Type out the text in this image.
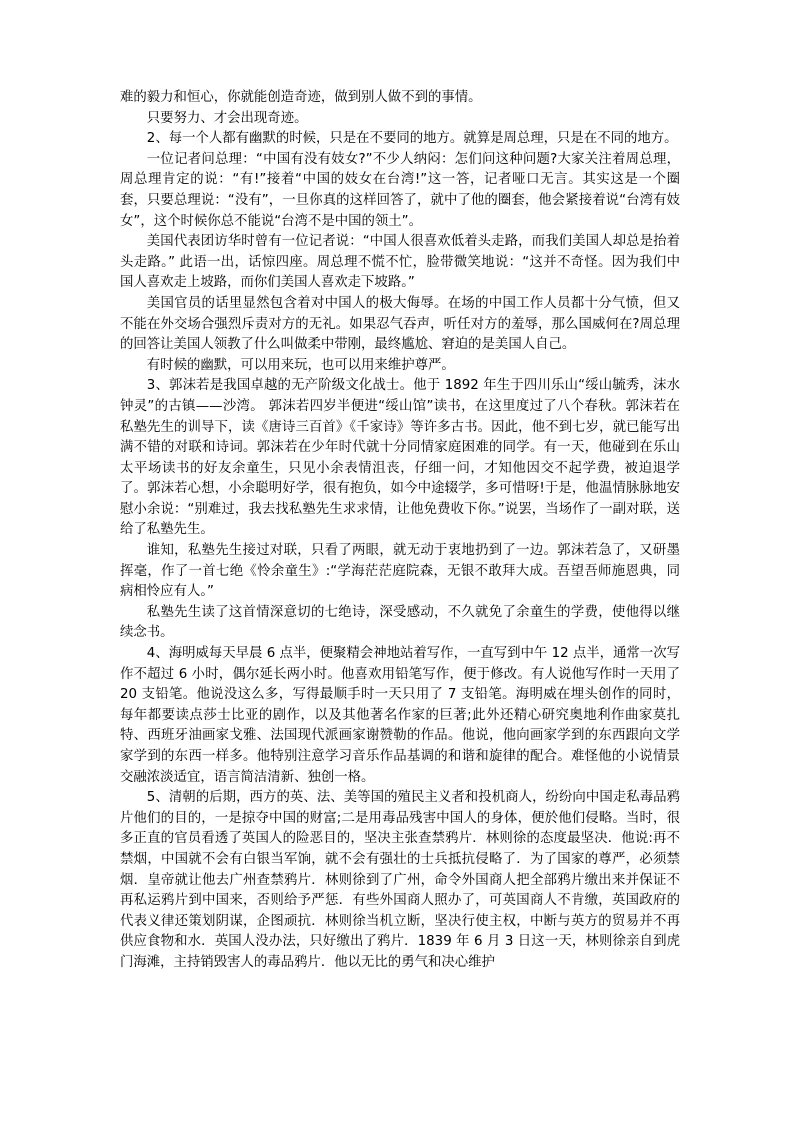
难的毅力和恒心，你就能创造奇迹，做到别人做不到的事情。

只要努力、才会出现奇迹。

2、每一个人都有幽默的时候，只是在不要同的地方。就算是周总理，只是在不同的地方。

一位记者问总理：“中国有没有妓女?”不少人纳闷：怎们问这种问题?大家关注着周总理，周总理肯定的说：“有!”接着“中国的妓女在台湾!”这一答，记者哑口无言。其实这是一个圈套，只要总理说：“没有”，一旦你真的这样回答了，就中了他的圈套，他会紧接着说“台湾有妓女”，这个时候你总不能说“台湾不是中国的领土”。

美国代表团访华时曾有一位记者说：“中国人很喜欢低着头走路，而我们美国人却总是抬着头走路。” 此语一出，话惊四座。周总理不慌不忙，脸带微笑地说：“这并不奇怪。因为我们中国人喜欢走上坡路，而你们美国人喜欢走下坡路。”

美国官员的话里显然包含着对中国人的极大侮辱。在场的中国工作人员都十分气愤，但又不能在外交场合强烈斥责对方的无礼。如果忍气吞声，听任对方的羞辱，那么国威何在?周总理的回答让美国人领教了什么叫做柔中带刚，最终尴尬、窘迫的是美国人自己。

有时候的幽默，可以用来玩，也可以用来维护尊严。

3、郭沫若是我国卓越的无产阶级文化战士。他于 1892 年生于四川乐山“绥山毓秀，沫水钟灵”的古镇——沙湾。 郭沫若四岁半便进“绥山馆”读书，在这里度过了八个春秋。郭沫若在私塾先生的训导下，读《唐诗三百首》《千家诗》等许多古书。因此，他不到七岁，就已能写出满不错的对联和诗词。郭沫若在少年时代就十分同情家庭困难的同学。有一天，他碰到在乐山太平场读书的好友余童生，只见小余表情沮丧，仔细一问，才知他因交不起学费，被迫退学了。郭沫若心想，小余聪明好学，很有抱负，如今中途辍学，多可惜呀!于是，他温情脉脉地安慰小余说：“别难过，我去找私塾先生求求情，让他免费收下你。”说罢，当场作了一副对联，送给了私塾先生。

谁知，私塾先生接过对联，只看了两眼，就无动于衷地扔到了一边。郭沫若急了，又研墨挥毫，作了一首七绝《怜余童生》:“学海茫茫庭院森，无银不敢拜大成。吾望吾师施恩典，同病相怜应有人。”

私塾先生读了这首情深意切的七绝诗，深受感动，不久就免了余童生的学费，使他得以继续念书。

4、海明威每天早晨 6 点半，便聚精会神地站着写作，一直写到中午 12 点半，通常一次写作不超过 6 小时，偶尔延长两小时。他喜欢用铅笔写作，便于修改。有人说他写作时一天用了 20 支铅笔。他说没这么多，写得最顺手时一天只用了 7 支铅笔。海明威在埋头创作的同时，每年都要读点莎士比亚的剧作，以及其他著名作家的巨著;此外还精心研究奥地利作曲家莫扎特、西班牙油画家戈雅、法国现代派画家谢赞勒的作品。他说，他向画家学到的东西跟向文学家学到的东西一样多。他特别注意学习音乐作品基调的和谐和旋律的配合。难怪他的小说情景交融浓淡适宜，语言简洁清新、独创一格。

5、清朝的后期，西方的英、法、美等国的殖民主义者和投机商人，纷纷向中国走私毒品鸦片他们的目的，一是掠夺中国的财富;二是用毒品残害中国人的身体，便於他们侵略。当时，很多正直的官员看透了英国人的险恶目的，坚决主张查禁鸦片．林则徐的态度最坚决．他说:再不禁烟，中国就不会有白银当军饷，就不会有强壮的士兵抵抗侵略了．为了国家的尊严，必须禁烟．皇帝就让他去广州查禁鸦片．林则徐到了广州，命令外国商人把全部鸦片缴出来并保证不再私运鸦片到中国来，否则给予严惩．有些外国商人照办了，可英国商人不肯缴，英国政府的代表义律还策划阴谋，企图顽抗．林则徐当机立断，坚决行使主权，中断与英方的贸易并不再供应食物和水．英国人没办法，只好缴出了鸦片．1839 年 6 月 3 日这一天，林则徐亲自到虎门海滩，主持销毁害人的毒品鸦片．他以无比的勇气和决心维护
